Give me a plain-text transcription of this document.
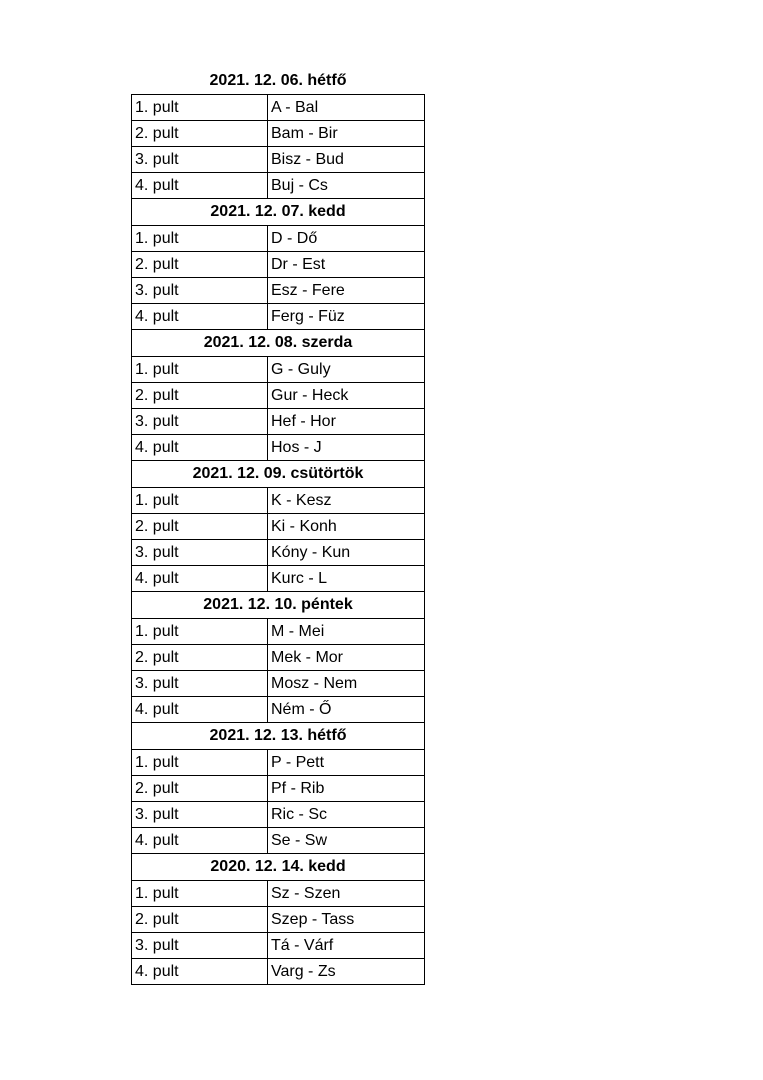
2021. 12. 06. hétfő
1. pult	A - Bal
2. pult	Bam - Bir
3. pult	Bisz - Bud
4. pult	Buj - Cs
2021. 12. 07. kedd
1. pult	D - Dő
2. pult	Dr - Est
3. pult	Esz - Fere
4. pult	Ferg - Füz
2021. 12. 08. szerda
1. pult	G - Guly
2. pult	Gur - Heck
3. pult	Hef - Hor
4. pult	Hos - J
2021. 12. 09. csütörtök
1. pult	K - Kesz
2. pult	Ki - Konh
3. pult	Kóny - Kun
4. pult	Kurc - L
2021. 12. 10. péntek
1. pult	M - Mei
2. pult	Mek - Mor
3. pult	Mosz - Nem
4. pult	Ném - Ő
2021. 12. 13. hétfő
1. pult	P - Pett
2. pult	Pf - Rib
3. pult	Ric - Sc
4. pult	Se - Sw
2020. 12. 14. kedd
1. pult	Sz - Szen
2. pult	Szep - Tass
3. pult	Tá - Várf
4. pult	Varg - Zs
